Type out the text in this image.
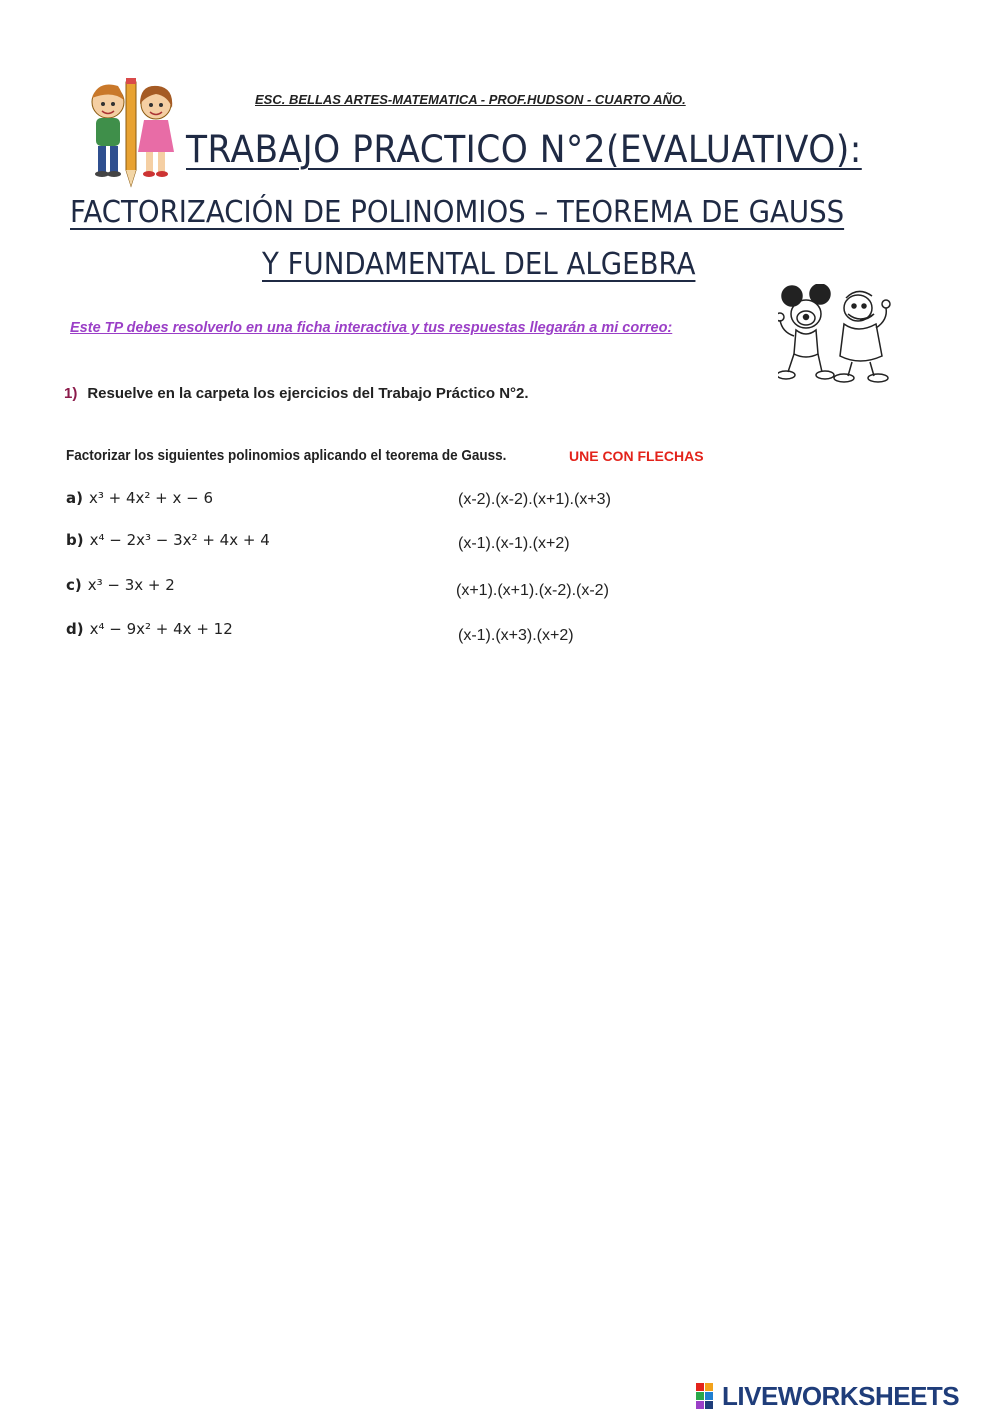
ESC. BELLAS ARTES-MATEMATICA - PROF.HUDSON - CUARTO AÑO.
TRABAJO PRACTICO N°2(EVALUATIVO):
FACTORIZACIÓN DE POLINOMIOS – TEOREMA DE GAUSS
Y FUNDAMENTAL DEL ALGEBRA
Este TP debes resolverlo en una ficha interactiva y tus respuestas llegarán a mi correo:
1) Resuelve en la carpeta los ejercicios del Trabajo Práctico N°2.
Factorizar los siguientes polinomios aplicando el teorema de Gauss.	UNE CON FLECHAS
a) x³ + 4x² + x − 6
b) x⁴ − 2x³ − 3x² + 4x + 4
c) x³ − 3x + 2
d) x⁴ − 9x² + 4x + 12
(x-2).(x-2).(x+1).(x+3)
(x-1).(x-1).(x+2)
(x+1).(x+1).(x-2).(x-2)
(x-1).(x+3).(x+2)
LIVEWORKSHEETS
